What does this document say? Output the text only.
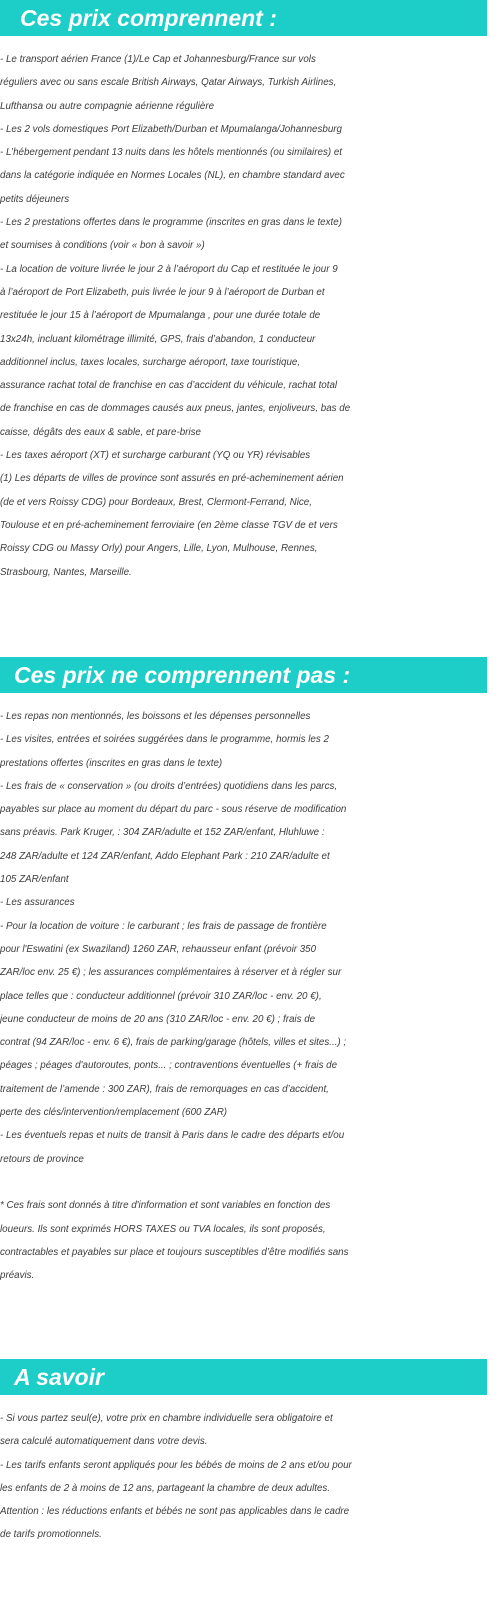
Ces prix comprennent :

- Le transport aérien France (1)/Le Cap et Johannesburg/France sur vols

réguliers avec ou sans escale British Airways, Qatar Airways, Turkish Airlines,

Lufthansa ou autre compagnie aérienne régulière

- Les 2 vols domestiques Port Elizabeth/Durban et Mpumalanga/Johannesburg

- L’hébergement pendant 13 nuits dans les hôtels mentionnés (ou similaires) et

dans la catégorie indiquée en Normes Locales (NL), en chambre standard avec

petits déjeuners

- Les 2 prestations offertes dans le programme (inscrites en gras dans le texte)

et soumises à conditions (voir « bon à savoir »)

- La location de voiture livrée le jour 2 à l’aéroport du Cap et restituée le jour 9

à l’aéroport de Port Elizabeth, puis livrée le jour 9 à l’aéroport de Durban et

restituée le jour 15 à l’aéroport de Mpumalanga , pour une durée totale de

13x24h, incluant kilométrage illimité, GPS, frais d’abandon, 1 conducteur

additionnel inclus, taxes locales, surcharge aéroport, taxe touristique,

assurance rachat total de franchise en cas d’accident du véhicule, rachat total

de franchise en cas de dommages causés aux pneus, jantes, enjoliveurs, bas de

caisse, dégâts des eaux & sable, et pare-brise

- Les taxes aéroport (XT) et surcharge carburant (YQ ou YR) révisables

(1) Les départs de villes de province sont assurés en pré-acheminement aérien

(de et vers Roissy CDG) pour Bordeaux, Brest, Clermont-Ferrand, Nice,

Toulouse et en pré-acheminement ferroviaire (en 2ème classe TGV de et vers

Roissy CDG ou Massy Orly) pour Angers, Lille, Lyon, Mulhouse, Rennes,

Strasbourg, Nantes, Marseille.

Ces prix ne comprennent pas :

- Les repas non mentionnés, les boissons et les dépenses personnelles

- Les visites, entrées et soirées suggérées dans le programme, hormis les 2

prestations offertes (inscrites en gras dans le texte)

- Les frais de « conservation » (ou droits d’entrées) quotidiens dans les parcs,

payables sur place au moment du départ du parc - sous réserve de modification

sans préavis. Park Kruger, : 304 ZAR/adulte et 152 ZAR/enfant, Hluhluwe :

248 ZAR/adulte et 124 ZAR/enfant, Addo Elephant Park : 210 ZAR/adulte et

105 ZAR/enfant

- Les assurances

- Pour la location de voiture : le carburant ; les frais de passage de frontière

pour l'Eswatini (ex Swaziland) 1260 ZAR, rehausseur enfant (prévoir 350

ZAR/loc env. 25 €) ; les assurances complémentaires à réserver et à régler sur

place telles que : conducteur additionnel (prévoir 310 ZAR/loc - env. 20 €),

jeune conducteur de moins de 20 ans (310 ZAR/loc - env. 20 €) ; frais de

contrat (94 ZAR/loc - env. 6 €), frais de parking/garage (hôtels, villes et sites...) ;

péages ; péages d'autoroutes, ponts... ; contraventions éventuelles (+ frais de

traitement de l’amende : 300 ZAR), frais de remorquages en cas d’accident,

perte des clés/intervention/remplacement (600 ZAR)

- Les éventuels repas et nuits de transit à Paris dans le cadre des départs et/ou

retours de province

* Ces frais sont donnés à titre d'information et sont variables en fonction des

loueurs. Ils sont exprimés HORS TAXES ou TVA locales, ils sont proposés,

contractables et payables sur place et toujours susceptibles d’être modifiés sans

préavis.

A savoir

- Si vous partez seul(e), votre prix en chambre individuelle sera obligatoire et

sera calculé automatiquement dans votre devis.

- Les tarifs enfants seront appliqués pour les bébés de moins de 2 ans et/ou pour

les enfants de 2 à moins de 12 ans, partageant la chambre de deux adultes.

Attention : les réductions enfants et bébés ne sont pas applicables dans le cadre

de tarifs promotionnels.
